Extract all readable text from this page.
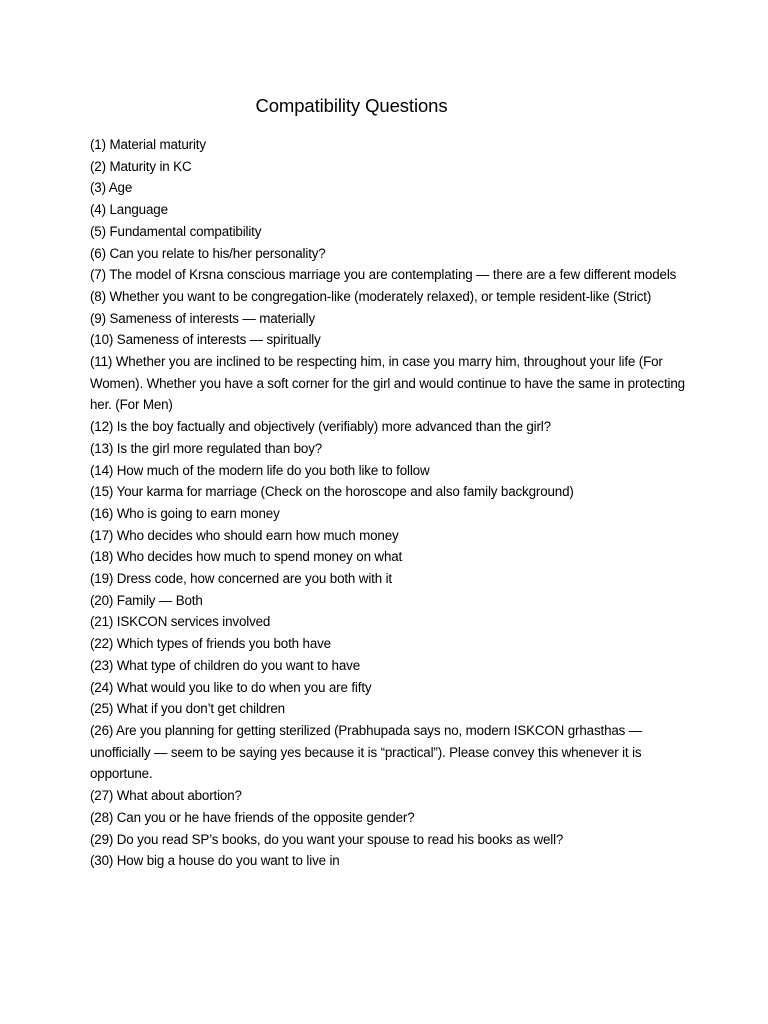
Compatibility Questions
(1) Material maturity
(2) Maturity in KC
(3) Age
(4) Language
(5) Fundamental compatibility
(6) Can you relate to his/her personality?
(7) The model of Krsna conscious marriage you are contemplating — there are a few different models
(8) Whether you want to be congregation-like (moderately relaxed), or temple resident-like (Strict)
(9) Sameness of interests — materially
(10) Sameness of interests — spiritually
(11) Whether you are inclined to be respecting him, in case you marry him, throughout your life (For Women). Whether you have a soft corner for the girl and would continue to have the same in protecting her. (For Men)
(12) Is the boy factually and objectively (verifiably) more advanced than the girl?
(13) Is the girl more regulated than boy?
(14) How much of the modern life do you both like to follow
(15) Your karma for marriage (Check on the horoscope and also family background)
(16) Who is going to earn money
(17) Who decides who should earn how much money
(18) Who decides how much to spend money on what
(19) Dress code, how concerned are you both with it
(20) Family — Both
(21) ISKCON services involved
(22) Which types of friends you both have
(23) What type of children do you want to have
(24) What would you like to do when you are fifty
(25) What if you don’t get children
(26) Are you planning for getting sterilized (Prabhupada says no, modern ISKCON grhasthas — unofficially — seem to be saying yes because it is “practical”). Please convey this whenever it is opportune.
(27) What about abortion?
(28) Can you or he have friends of the opposite gender?
(29) Do you read SP’s books, do you want your spouse to read his books as well?
(30) How big a house do you want to live in
